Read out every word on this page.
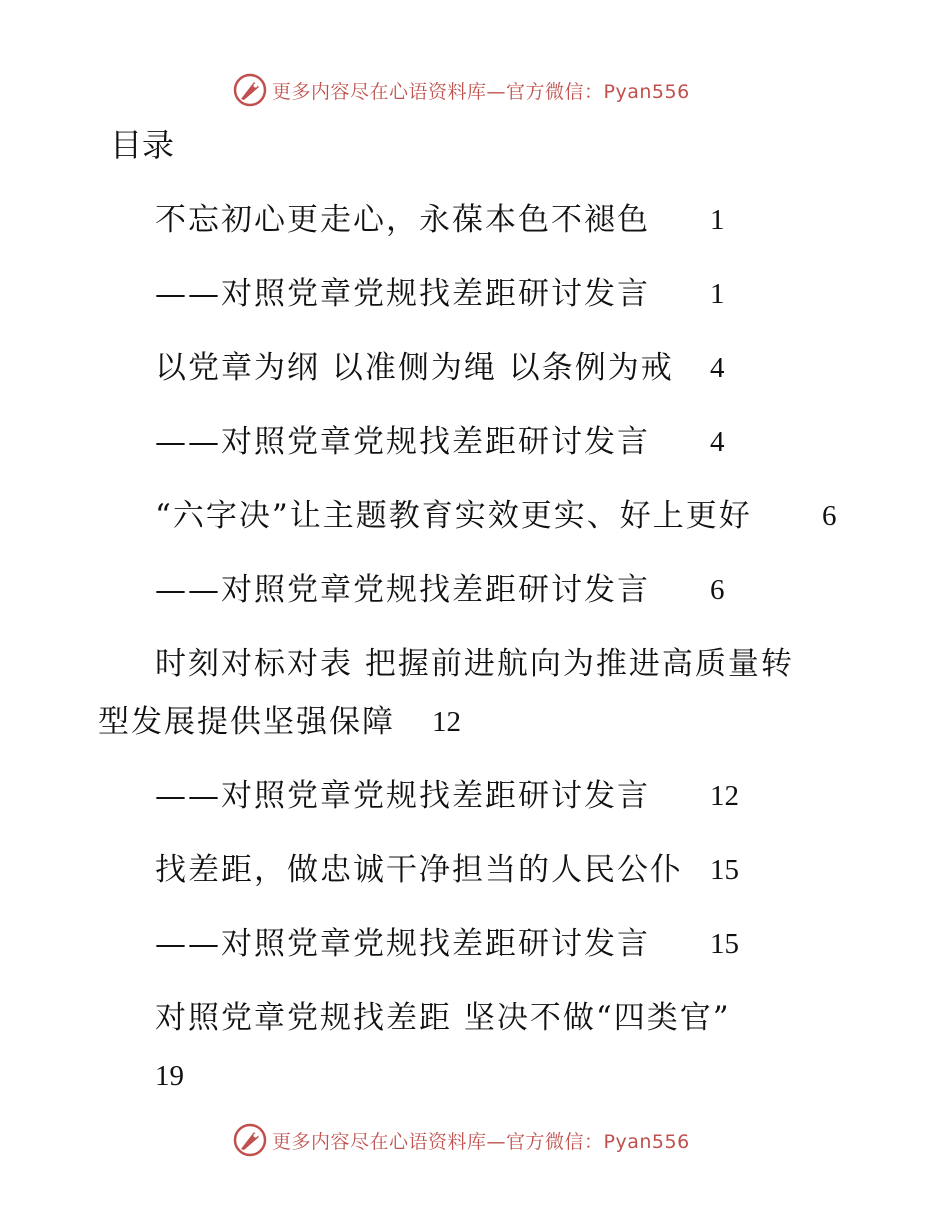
更多内容尽在心语资料库—官方微信：Pyan556
目录
不忘初心更走心，永葆本色不褪色 1
——对照党章党规找差距研讨发言 1
以党章为纲 以准侧为绳 以条例为戒 4
——对照党章党规找差距研讨发言 4
“六字决”让主题教育实效更实、好上更好 6
——对照党章党规找差距研讨发言 6
时刻对标对表 把握前进航向为推进高质量转
型发展提供坚强保障 12
——对照党章党规找差距研讨发言 12
找差距，做忠诚干净担当的人民公仆 15
——对照党章党规找差距研讨发言 15
对照党章党规找差距 坚决不做“四类官”
19
更多内容尽在心语资料库—官方微信：Pyan556
